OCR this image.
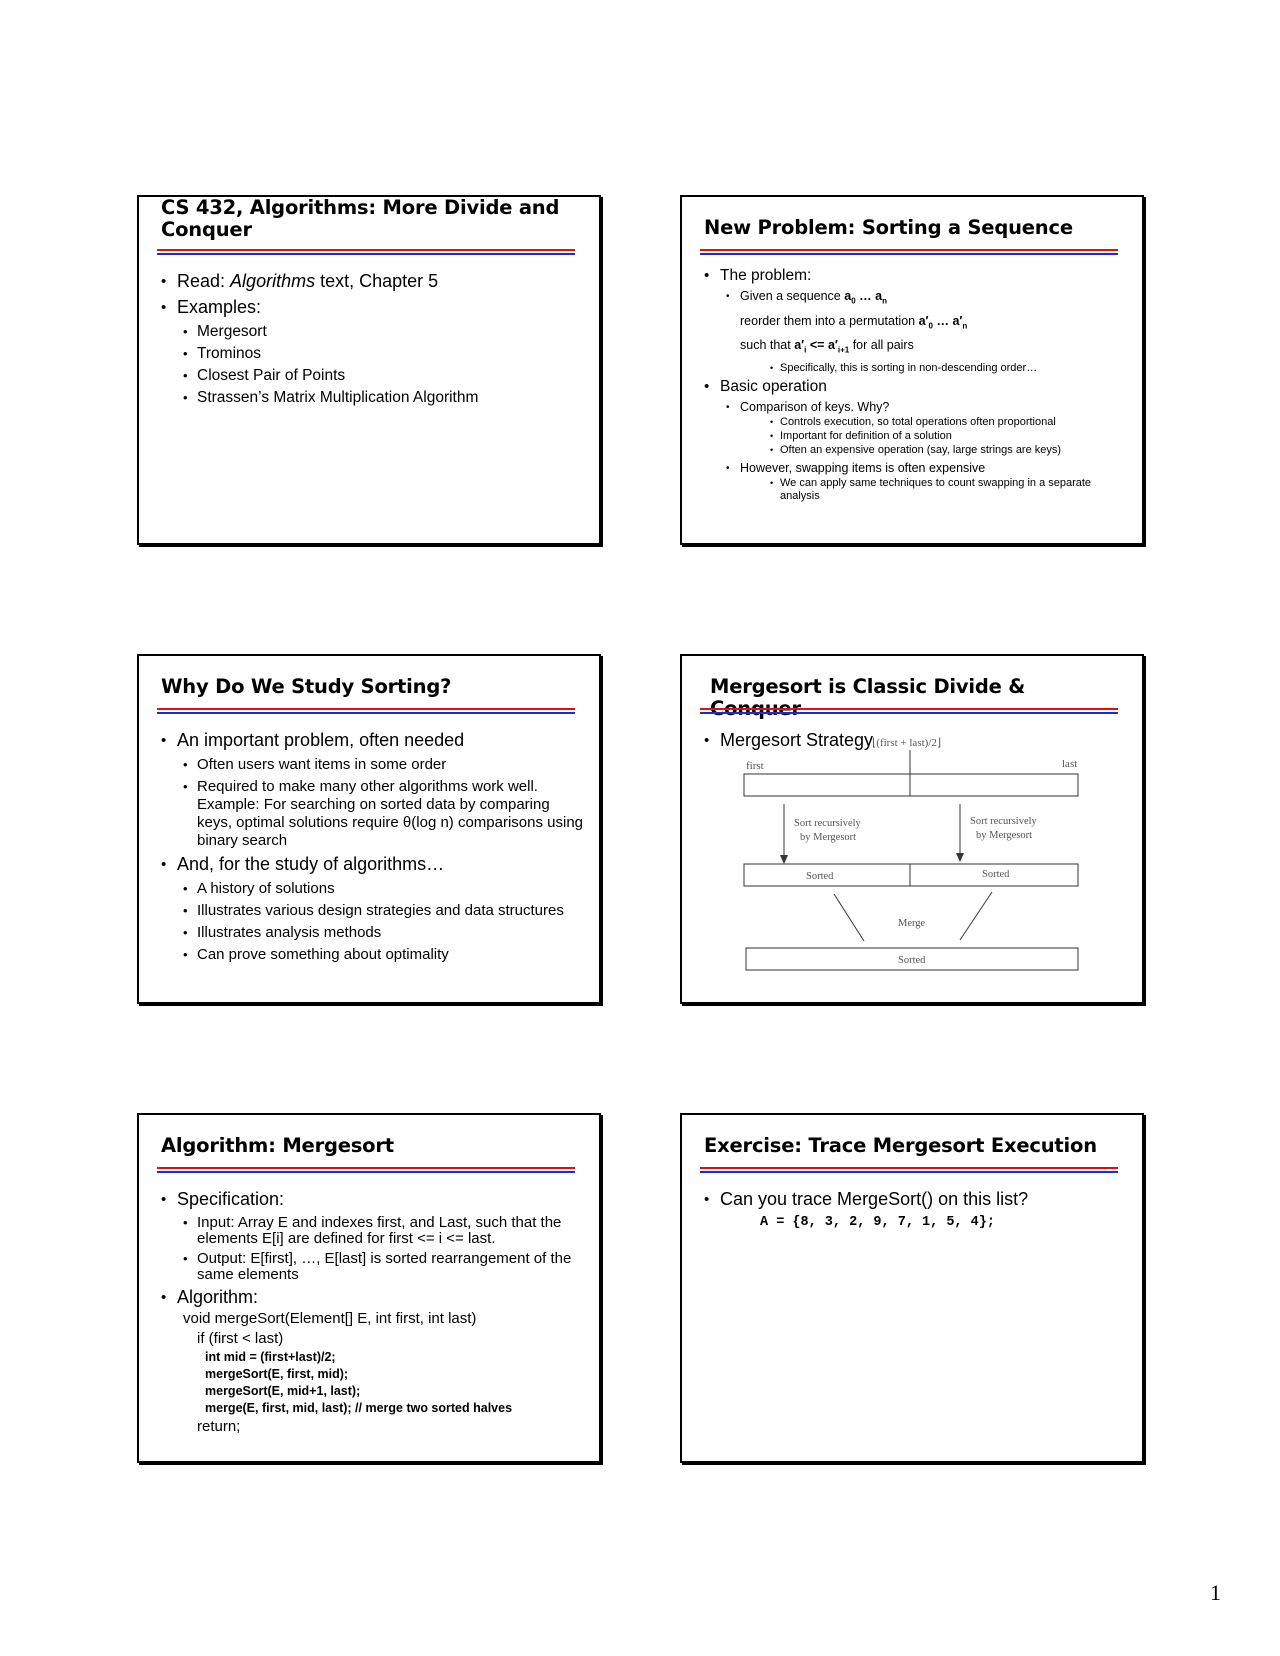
CS 432, Algorithms: More Divide and Conquer
• Read: Algorithms text, Chapter 5
• Examples:
• Mergesort
• Trominos
• Closest Pair of Points
• Strassen’s Matrix Multiplication Algorithm
New Problem: Sorting a Sequence
• The problem:
• Given a sequence $a_0$ … $a_n$
reorder them into a permutation $a'_0$ … $a'_n$
such that $a'_i <= a'_{i+1}$ for all pairs
• Specifically, this is sorting in non-descending order…
• Basic operation
• Comparison of keys. Why?
• Controls execution, so total operations often proportional
• Important for definition of a solution
• Often an expensive operation (say, large strings are keys)
• However, swapping items is often expensive
• We can apply same techniques to count swapping in a separate analysis
Why Do We Study Sorting?
• An important problem, often needed
• Often users want items in some order
• Required to make many other algorithms work well. Example: For searching on sorted data by comparing keys, optimal solutions require θ(log n) comparisons using binary search
• And, for the study of algorithms…
• A history of solutions
• Illustrates various design strategies and data structures
• Illustrates analysis methods
• Can prove something about optimality
Mergesort is Classic Divide &
• Mergesort Strategy
⌊(first + last)/2⌋
first	last
Sort recursively
by Mergesort
Sort recursively
by Mergesort
Sorted	Sorted
Merge
Sorted
Algorithm: Mergesort
• Specification:
• Input: Array E and indexes first, and Last, such that the elements E[i] are defined for first <= i <= last.
• Output: E[first], …, E[last] is sorted rearrangement of the same elements
• Algorithm:
void mergeSort(Element[] E, int first, int last)
if (first < last)
int mid = (first+last)/2;
mergeSort(E, first, mid);
mergeSort(E, mid+1, last);
merge(E, first, mid, last); // merge two sorted halves
return;
Exercise: Trace Mergesort Execution
• Can you trace MergeSort() on this list?
A = {8, 3, 2, 9, 7, 1, 5, 4};
1
